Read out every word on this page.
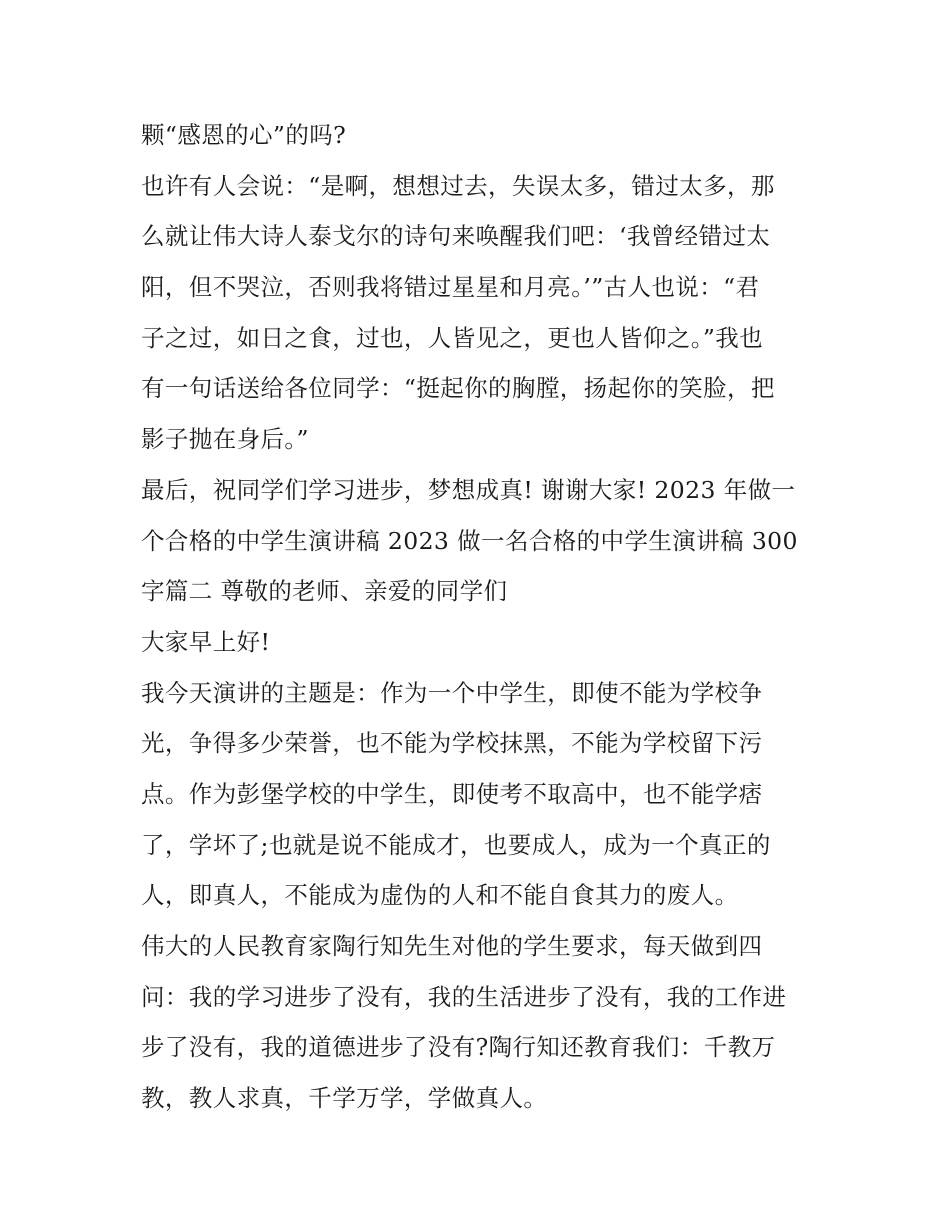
颗“感恩的心”的吗?
也许有人会说：“是啊，想想过去，失误太多，错过太多，那
么就让伟大诗人泰戈尔的诗句来唤醒我们吧：‘我曾经错过太
阳，但不哭泣，否则我将错过星星和月亮。’”古人也说：“君
子之过，如日之食，过也，人皆见之，更也人皆仰之。”我也
有一句话送给各位同学：“挺起你的胸膛，扬起你的笑脸，把
影子抛在身后。”
最后，祝同学们学习进步，梦想成真! 谢谢大家! 2023 年做一
个合格的中学生演讲稿 2023 做一名合格的中学生演讲稿 300
字篇二 尊敬的老师、亲爱的同学们
大家早上好!
我今天演讲的主题是：作为一个中学生，即使不能为学校争
光，争得多少荣誉，也不能为学校抹黑，不能为学校留下污
点。作为彭堡学校的中学生，即使考不取高中，也不能学痞
了，学坏了;也就是说不能成才，也要成人，成为一个真正的
人，即真人，不能成为虚伪的人和不能自食其力的废人。
伟大的人民教育家陶行知先生对他的学生要求，每天做到四
问：我的学习进步了没有，我的生活进步了没有，我的工作进
步了没有，我的道德进步了没有?陶行知还教育我们：千教万
教，教人求真，千学万学，学做真人。
